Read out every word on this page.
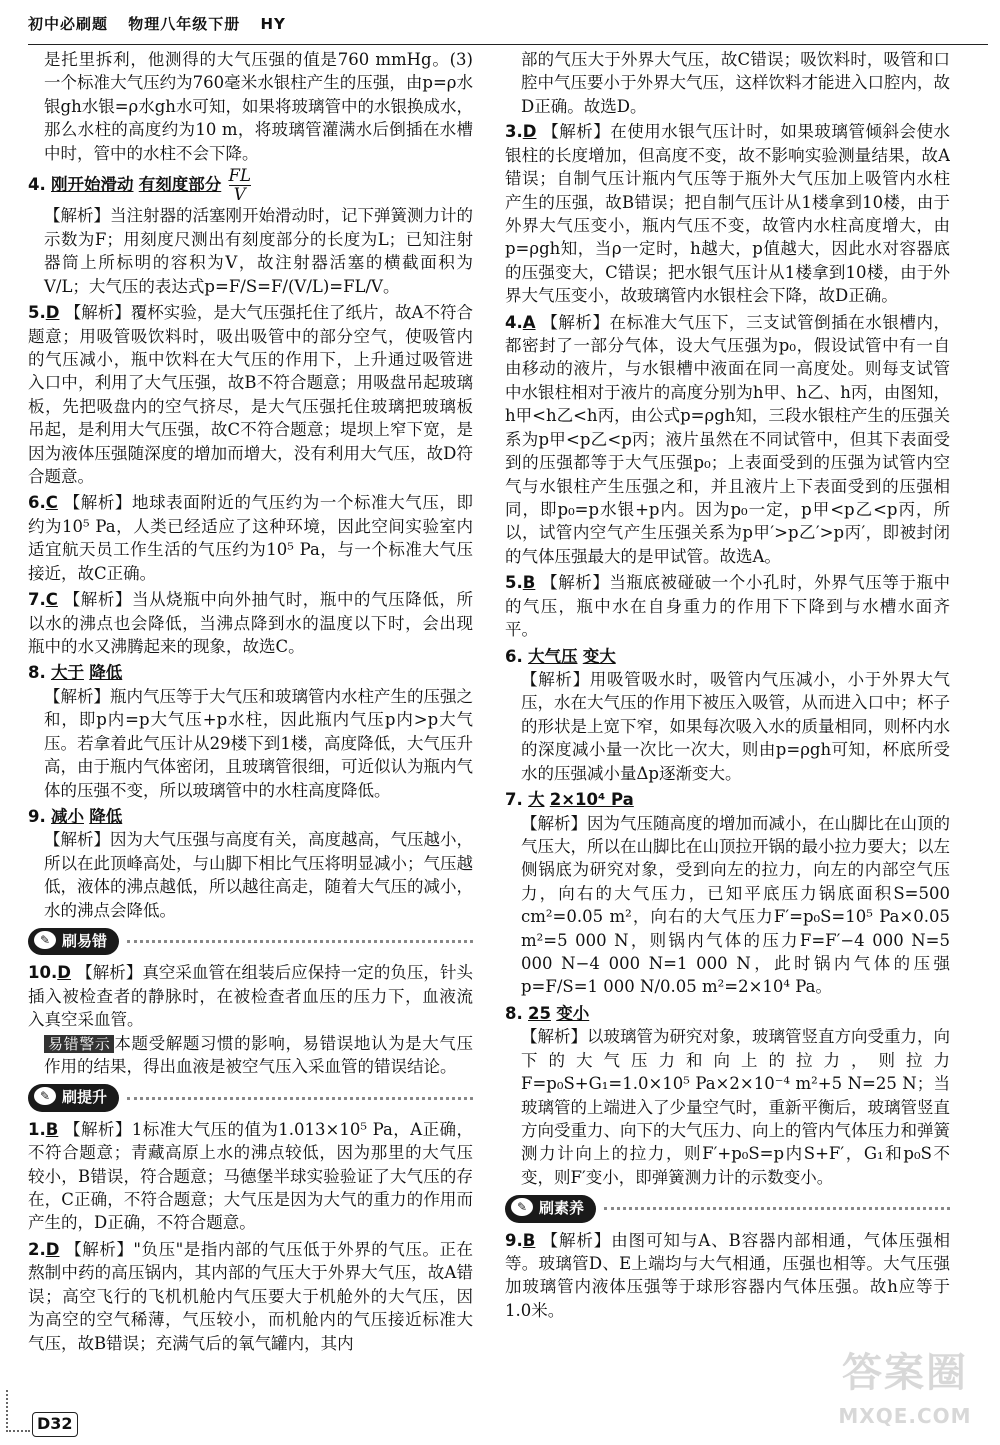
初中必刷题 物理八年级下册 HY

是托里拆利，他测得的大气压强的值是760 mmHg。(3)一个标准大气压约为760毫米水银柱产生的压强，由p=ρ水银gh水银=ρ水gh水可知，如果将玻璃管中的水银换成水，那么水柱的高度约为10 m，将玻璃管灌满水后倒插在水槽中时，管中的水柱不会下降。

4. 刚开始滑动 有刻度部分 $\frac{FL}{V}$

【解析】当注射器的活塞刚开始滑动时，记下弹簧测力计的示数为F；用刻度尺测出有刻度部分的长度为L；已知注射器筒上所标明的容积为V，故注射器活塞的横截面积为V/L；大气压的表达式p=F/S=F/(V/L)=FL/V。

5.D 【解析】覆杯实验，是大气压强托住了纸片，故A不符合题意；用吸管吸饮料时，吸出吸管中的部分空气，使吸管内的气压减小，瓶中饮料在大气压的作用下，上升通过吸管进入口中，利用了大气压强，故B不符合题意；用吸盘吊起玻璃板，先把吸盘内的空气挤尽，是大气压强托住玻璃把玻璃板吊起，是利用大气压强，故C不符合题意；堤坝上窄下宽，是因为液体压强随深度的增加而增大，没有利用大气压，故D符合题意。
6.C 【解析】地球表面附近的气压约为一个标准大气压，即约为10⁵ Pa，人类已经适应了这种环境，因此空间实验室内适宜航天员工作生活的气压约为10⁵ Pa，与一个标准大气压接近，故C正确。
7.C 【解析】当从烧瓶中向外抽气时，瓶中的气压降低，所以水的沸点也会降低，当沸点降到水的温度以下时，会出现瓶中的水又沸腾起来的现象，故选C。
8. 大于 降低

【解析】瓶内气压等于大气压和玻璃管内水柱产生的压强之和，即p内=p大气压+p水柱，因此瓶内气压p内>p大气压。若拿着此气压计从29楼下到1楼，高度降低，大气压升高，由于瓶内气体密闭，且玻璃管很细，可近似认为瓶内气体的压强不变，所以玻璃管中的水柱高度降低。

9. 减小 降低

【解析】因为大气压强与高度有关，高度越高，气压越小，所以在此顶峰高处，与山脚下相比气压将明显减小；气压越低，液体的沸点越低，所以越往高走，随着大气压的减小，水的沸点会降低。

✎ 刷易错
10.D 【解析】真空采血管在组装后应保持一定的负压，针头插入被检查者的静脉时，在被检查者血压的压力下，血液流入真空采血管。

易错警示 本题受解题习惯的影响，易错误地认为是大气压作用的结果，得出血液是被空气压入采血管的错误结论。

✎ 刷提升
1.B 【解析】1标准大气压的值为1.013×10⁵ Pa，A正确，不符合题意；青藏高原上水的沸点较低，因为那里的大气压较小，B错误，符合题意；马德堡半球实验验证了大气压的存在，C正确，不符合题意；大气压是因为大气的重力的作用而产生的，D正确，不符合题意。
2.D 【解析】"负压"是指内部的气压低于外界的气压。正在熬制中药的高压锅内，其内部的气压大于外界大气压，故A错误；高空飞行的飞机机舱内气压要大于机舱外的大气压，因为高空的空气稀薄，气压较小，而机舱内的气压接近标准大气压，故B错误；充满气后的氧气罐内，其内

部的气压大于外界大气压，故C错误；吸饮料时，吸管和口腔中气压要小于外界大气压，这样饮料才能进入口腔内，故D正确。故选D。

3.D 【解析】在使用水银气压计时，如果玻璃管倾斜会使水银柱的长度增加，但高度不变，故不影响实验测量结果，故A错误；自制气压计瓶内气压等于瓶外大气压加上吸管内水柱产生的压强，故B错误；把自制气压计从1楼拿到10楼，由于外界大气压变小，瓶内气压不变，故管内水柱高度增大，由p=ρgh知，当ρ一定时，h越大，p值越大，因此水对容器底的压强变大，C错误；把水银气压计从1楼拿到10楼，由于外界大气压变小，故玻璃管内水银柱会下降，故D正确。
4.A 【解析】在标准大气压下，三支试管倒插在水银槽内，都密封了一部分气体，设大气压强为p₀，假设试管中有一自由移动的液片，与水银槽中液面在同一高度处。则每支试管中水银柱相对于液片的高度分别为h甲、h乙、h丙，由图知，h甲<h乙<h丙，由公式p=ρgh知，三段水银柱产生的压强关系为p甲<p乙<p丙；液片虽然在不同试管中，但其下表面受到的压强都等于大气压强p₀；上表面受到的压强为试管内空气与水银柱产生压强之和，并且液片上下表面受到的压强相同，即p₀=p水银+p内。因为p₀一定，p甲<p乙<p丙，所以，试管内空气产生压强关系为p甲′>p乙′>p丙′，即被封闭的气体压强最大的是甲试管。故选A。
5.B 【解析】当瓶底被碰破一个小孔时，外界气压等于瓶中的气压，瓶中水在自身重力的作用下下降到与水槽水面齐平。
6. 大气压 变大

【解析】用吸管吸水时，吸管内气压减小，小于外界大气压，水在大气压的作用下被压入吸管，从而进入口中；杯子的形状是上宽下窄，如果每次吸入水的质量相同，则杯内水的深度减小量一次比一次大，则由p=ρgh可知，杯底所受水的压强减小量Δp逐渐变大。

7. 大 2×10⁴ Pa

【解析】因为气压随高度的增加而减小，在山脚比在山顶的气压大，所以在山脚比在山顶拉开锅的最小拉力要大；以左侧锅底为研究对象，受到向左的拉力，向左的内部空气压力，向右的大气压力，已知平底压力锅底面积S=500 cm²=0.05 m²，向右的大气压力F′=p₀S=10⁵ Pa×0.05 m²=5 000 N，则锅内气体的压力F=F′−4 000 N=5 000 N−4 000 N=1 000 N，此时锅内气体的压强p=F/S=1 000 N/0.05 m²=2×10⁴ Pa。

8. 25 变小

【解析】以玻璃管为研究对象，玻璃管竖直方向受重力，向下的大气压力和向上的拉力，则拉力F=p₀S+G₁=1.0×10⁵ Pa×2×10⁻⁴ m²+5 N=25 N；当玻璃管的上端进入了少量空气时，重新平衡后，玻璃管竖直方向受重力、向下的大气压力、向上的管内气体压力和弹簧测力计向上的拉力，则F′+p₀S=p内S+F′，G₁和p₀S不变，则F′变小，即弹簧测力计的示数变小。

✎ 刷素养
9.B 【解析】由图可知与A、B容器内部相通，气体压强相等。玻璃管D、E上端均与大气相通，压强也相等。大气压强加玻璃管内液体压强等于球形容器内气体压强。故h应等于1.0米。
D32
答案圈
MXQE.COM
